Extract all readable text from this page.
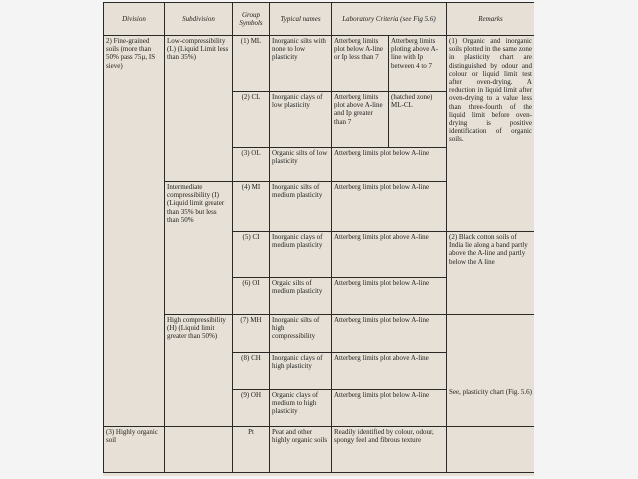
Division	Subdivision	Group Symbols	Typical names	Laboratory Criteria (see Fig 5.6)		Remarks
2) Fine-grained soils (more than 50% pass 75µ, IS sieve)	Low-compressibility (L) (Liquid Limit less than 35%)	(1) ML	Inorganic silts with none to low plasticity	Atterberg limits plot below A-line or Ip less than 7	Atterberg limits ploting above A-line with Ip between 4 to 7	(1) Organic and inorganic soils plotted in the same zone in plasticity chart are distinguished by odour and colour or liquid limit test after oven-drying. A reduction in liquid limit after oven-drying to a value less than three-fourth of the liquid limit before oven-drying is positive identification of organic soils.
		(2) CL	Inorganic clays of low plasticity	Atterberg limits plot above A-line and Ip greater than 7	(hatched zone) ML-CL	
		(3) OL	Organic silts of low plasticity	Atterberg limits plot below A-line		
	Intermediate compressibility (I) (Liquid limit greater than 35% but less than 50%	(4) MI	Inorganic silts of medium plasticity	Atterberg limits plot below A-line		
		(5) CI	Inorganic clays of medium plasticity	Atterberg limits plot above A-line		(2) Black cotton soils of India lie along a band partly above the A-line and partly below the A line
		(6) OI	Orgaic silts of medium plasticity	Atterberg limits plot below A-line		
	High compressibility (H) (Liquid limit greater than 50%)	(7) MH	Inorganic silts of high compressibility	Atterberg limits plot below A-line		See, plasticity chart (Fig. 5.6)
		(8) CH	Inorganic clays of high plasticity	Atterberg limits plot above A-line		
		(9) OH	Organic clays of medium to high plasticity	Atterberg limits plot below A-line		
(3) Highly organic soil		Pt	Peat and other highly organic soils	Readily identified by colour, odour, spongy feel and fibrous texture		
